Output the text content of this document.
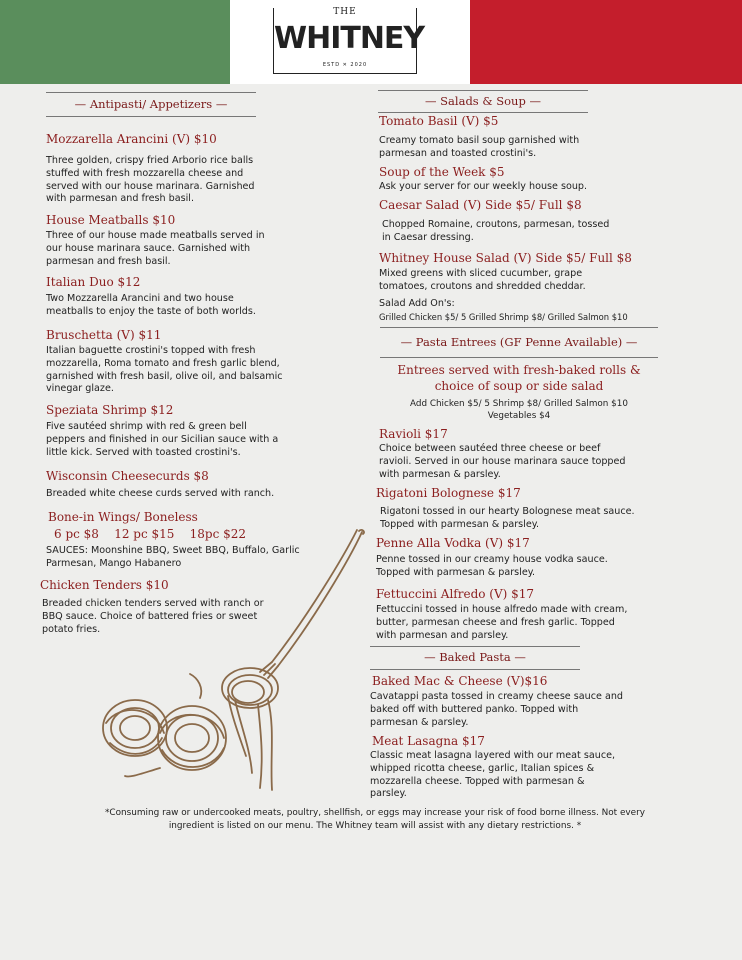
THE
WHITNEY
ESTD ✕ 2020
— Antipasti/ Appetizers —
Mozzarella Arancini (V) $10
Three golden, crispy fried Arborio rice balls
stuffed with fresh mozzarella cheese and
served with our house marinara. Garnished
with parmesan and fresh basil.
House Meatballs $10
Three of our house made meatballs served in
our house marinara sauce. Garnished with
parmesan and fresh basil.
Italian Duo $12
Two Mozzarella Arancini and two house
meatballs to enjoy the taste of both worlds.
Bruschetta (V) $11
Italian baguette crostini's topped with fresh
mozzarella, Roma tomato and fresh garlic blend,
garnished with fresh basil, olive oil, and balsamic
vinegar glaze.
Speziata Shrimp $12
Five sautéed shrimp with red & green bell
peppers and finished in our Sicilian sauce with a
little kick. Served with toasted crostini's.
Wisconsin Cheesecurds $8
Breaded white cheese curds served with ranch.
Bone-in Wings/ Boneless
6 pc $8    12 pc $15    18pc $22
SAUCES: Moonshine BBQ, Sweet BBQ, Buffalo, Garlic
Parmesan, Mango Habanero
Chicken Tenders $10
Breaded chicken tenders served with ranch or
BBQ sauce. Choice of battered fries or sweet
potato fries.
— Salads & Soup —
Tomato Basil (V) $5
Creamy tomato basil soup garnished with
parmesan and toasted crostini's.
Soup of the Week $5
Ask your server for our weekly house soup.
Caesar Salad (V) Side $5/ Full $8
Chopped Romaine, croutons, parmesan, tossed
in Caesar dressing.
Whitney House Salad (V) Side $5/ Full $8
Mixed greens with sliced cucumber, grape
tomatoes, croutons and shredded cheddar.
Salad Add On's:
Grilled Chicken $5/ 5 Grilled Shrimp $8/ Grilled Salmon $10
— Pasta Entrees (GF Penne Available) —
Entrees served with fresh-baked rolls &
choice of soup or side salad
Add Chicken $5/ 5 Shrimp $8/ Grilled Salmon $10
Vegetables $4
Ravioli $17
Choice between sautéed three cheese or beef
ravioli. Served in our house marinara sauce topped
with parmesan & parsley.
Rigatoni Bolognese $17
Rigatoni tossed in our hearty Bolognese meat sauce.
Topped with parmesan & parsley.
Penne Alla Vodka (V) $17
Penne tossed in our creamy house vodka sauce.
Topped with parmesan & parsley.
Fettuccini Alfredo (V) $17
Fettuccini tossed in house alfredo made with cream,
butter, parmesan cheese and fresh garlic. Topped
with parmesan and parsley.
— Baked Pasta —
Baked Mac & Cheese (V)$16
Cavatappi pasta tossed in creamy cheese sauce and
baked off with buttered panko. Topped with
parmesan & parsley.
Meat Lasagna $17
Classic meat lasagna layered with our meat sauce,
whipped ricotta cheese, garlic, Italian spices &
mozzarella cheese. Topped with parmesan &
parsley.
*Consuming raw or undercooked meats, poultry, shellfish, or eggs may increase your risk of food borne illness. Not every
ingredient is listed on our menu. The Whitney team will assist with any dietary restrictions. *
